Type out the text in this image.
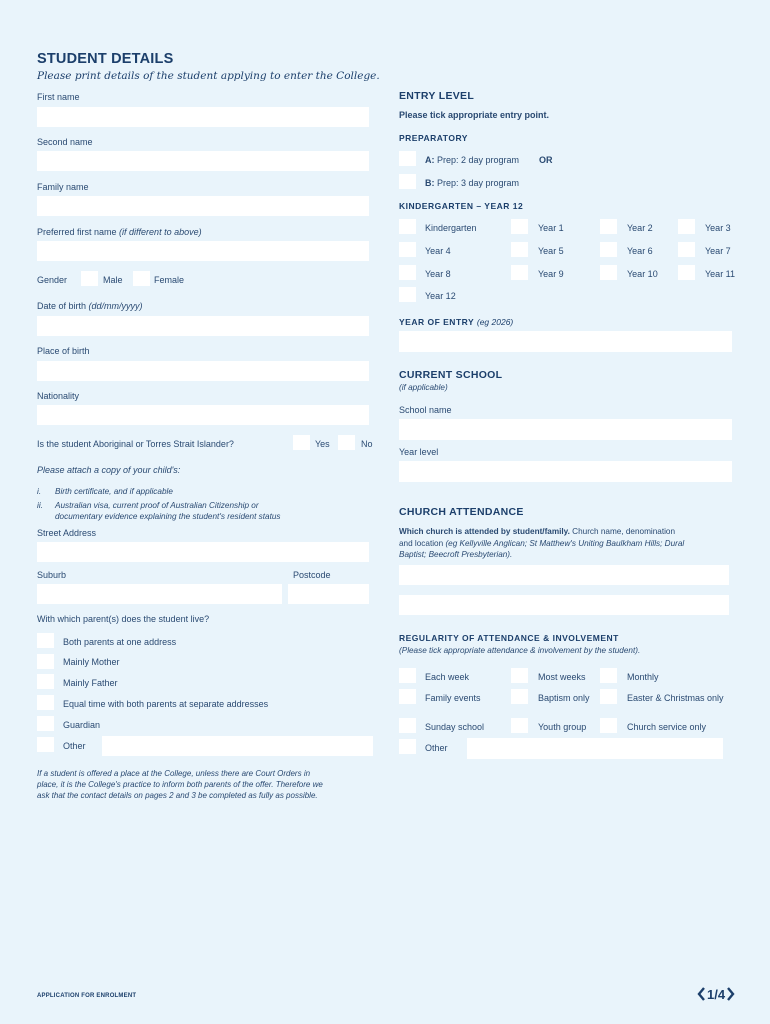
STUDENT DETAILS
Please print details of the student applying to enter the College.
First name
Second name
Family name
Preferred first name (if different to above)
Gender	Male	Female
Date of birth (dd/mm/yyyy)
Place of birth
Nationality
Is the student Aboriginal or Torres Strait Islander?	Yes	No
Please attach a copy of your child's:
i. Birth certificate, and if applicable
ii. Australian visa, current proof of Australian Citizenship or
documentary evidence explaining the student's resident status
Street Address
Suburb	Postcode
With which parent(s) does the student live?
Both parents at one address
Mainly Mother
Mainly Father
Equal time with both parents at separate addresses
Guardian
Other
If a student is offered a place at the College, unless there are Court Orders in
place, it is the College's practice to inform both parents of the offer. Therefore we
ask that the contact details on pages 2 and 3 be completed as fully as possible.
ENTRY LEVEL
Please tick appropriate entry point.
PREPARATORY
A: Prep: 2 day program OR
B: Prep: 3 day program
KINDERGARTEN – YEAR 12
Kindergarten	Year 1	Year 2	Year 3
Year 4	Year 5	Year 6	Year 7
Year 8	Year 9	Year 10	Year 11
Year 12
YEAR OF ENTRY (eg 2026)
CURRENT SCHOOL
(if applicable)
School name
Year level
CHURCH ATTENDANCE
Which church is attended by student/family. Church name, denomination
and location (eg Kellyville Anglican; St Matthew's Uniting Baulkham Hills; Dural
Baptist; Beecroft Presbyterian).
REGULARITY OF ATTENDANCE & INVOLVEMENT
(Please tick appropriate attendance & involvement by the student).
Each week	Most weeks	Monthly
Family events	Baptism only	Easter & Christmas only
Sunday school	Youth group	Church service only
Other
APPLICATION FOR ENROLMENT	1/4
